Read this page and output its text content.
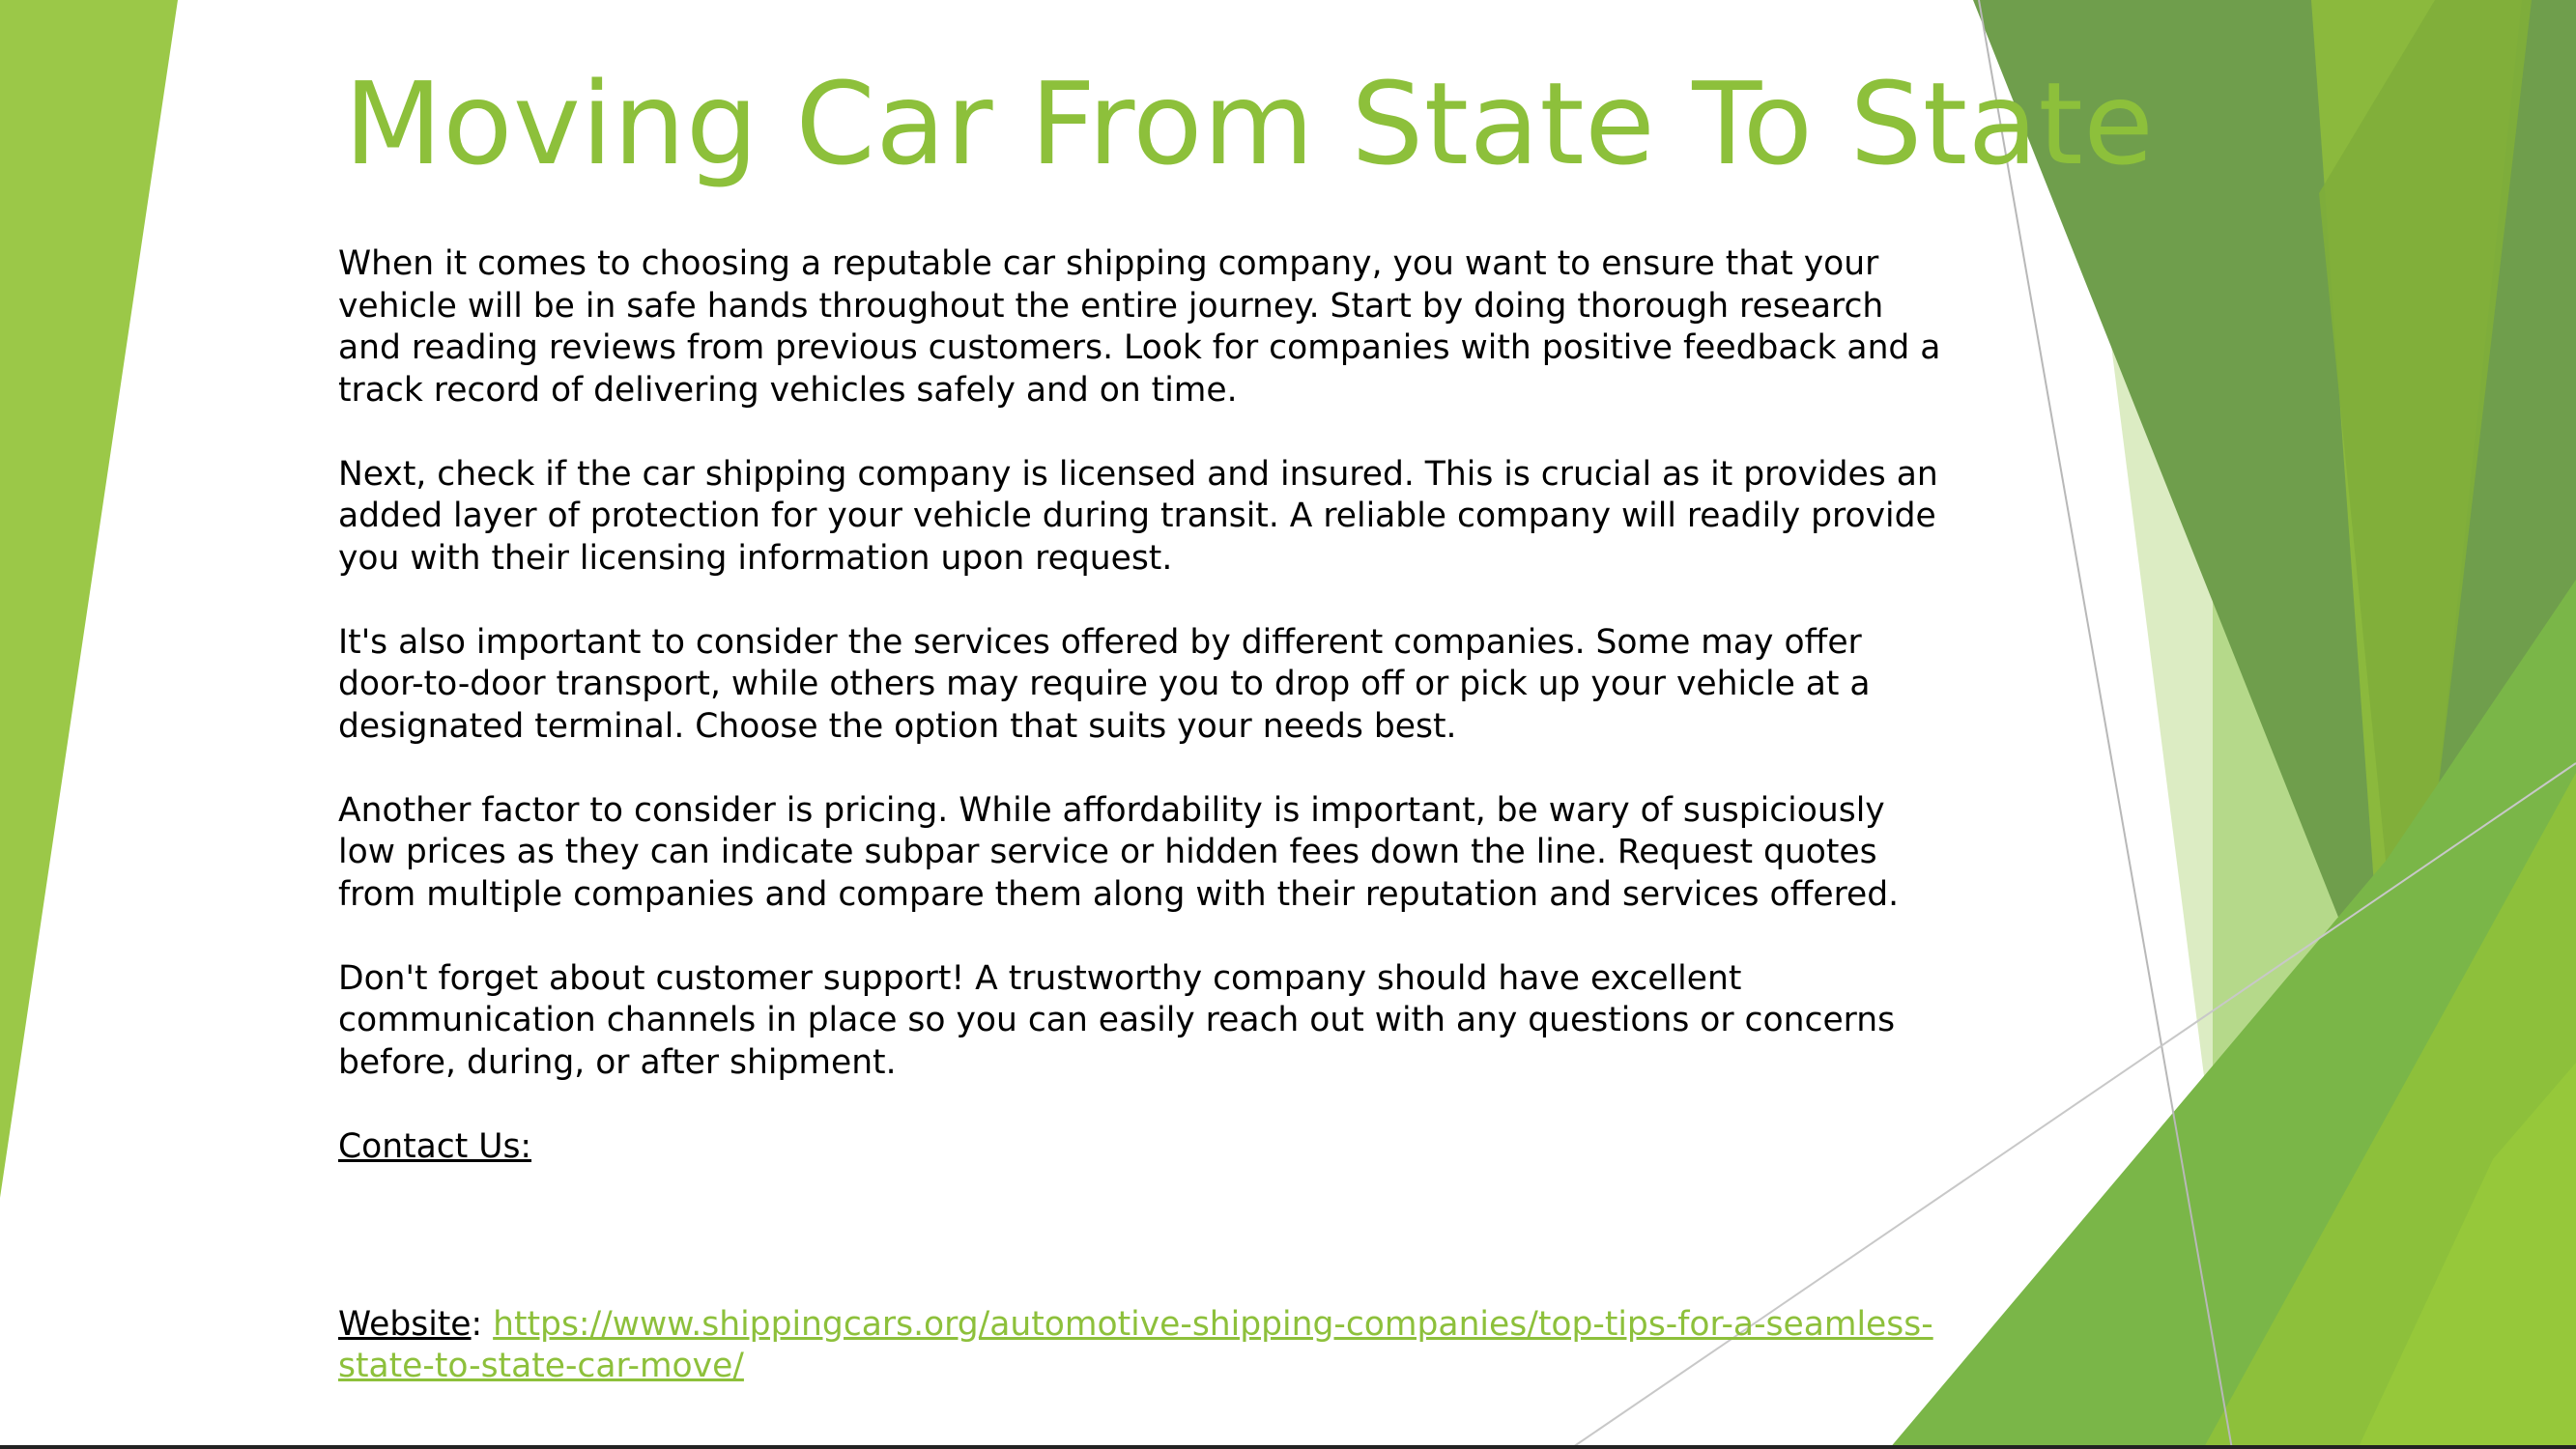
Moving Car From State To State

When it comes to choosing a reputable car shipping company, you want to ensure that your vehicle will be in safe hands throughout the entire journey. Start by doing thorough research and reading reviews from previous customers. Look for companies with positive feedback and a track record of delivering vehicles safely and on time.

Next, check if the car shipping company is licensed and insured. This is crucial as it provides an added layer of protection for your vehicle during transit. A reliable company will readily provide you with their licensing information upon request.

It's also important to consider the services offered by different companies. Some may offer door-to-door transport, while others may require you to drop off or pick up your vehicle at a designated terminal. Choose the option that suits your needs best.

Another factor to consider is pricing. While affordability is important, be wary of suspiciously low prices as they can indicate subpar service or hidden fees down the line. Request quotes from multiple companies and compare them along with their reputation and services offered.

Don't forget about customer support! A trustworthy company should have excellent communication channels in place so you can easily reach out with any questions or concerns before, during, or after shipment.

Contact Us:

Website: https://www.shippingcars.org/automotive-shipping-companies/top-tips-for-a-seamless-state-to-state-car-move/
